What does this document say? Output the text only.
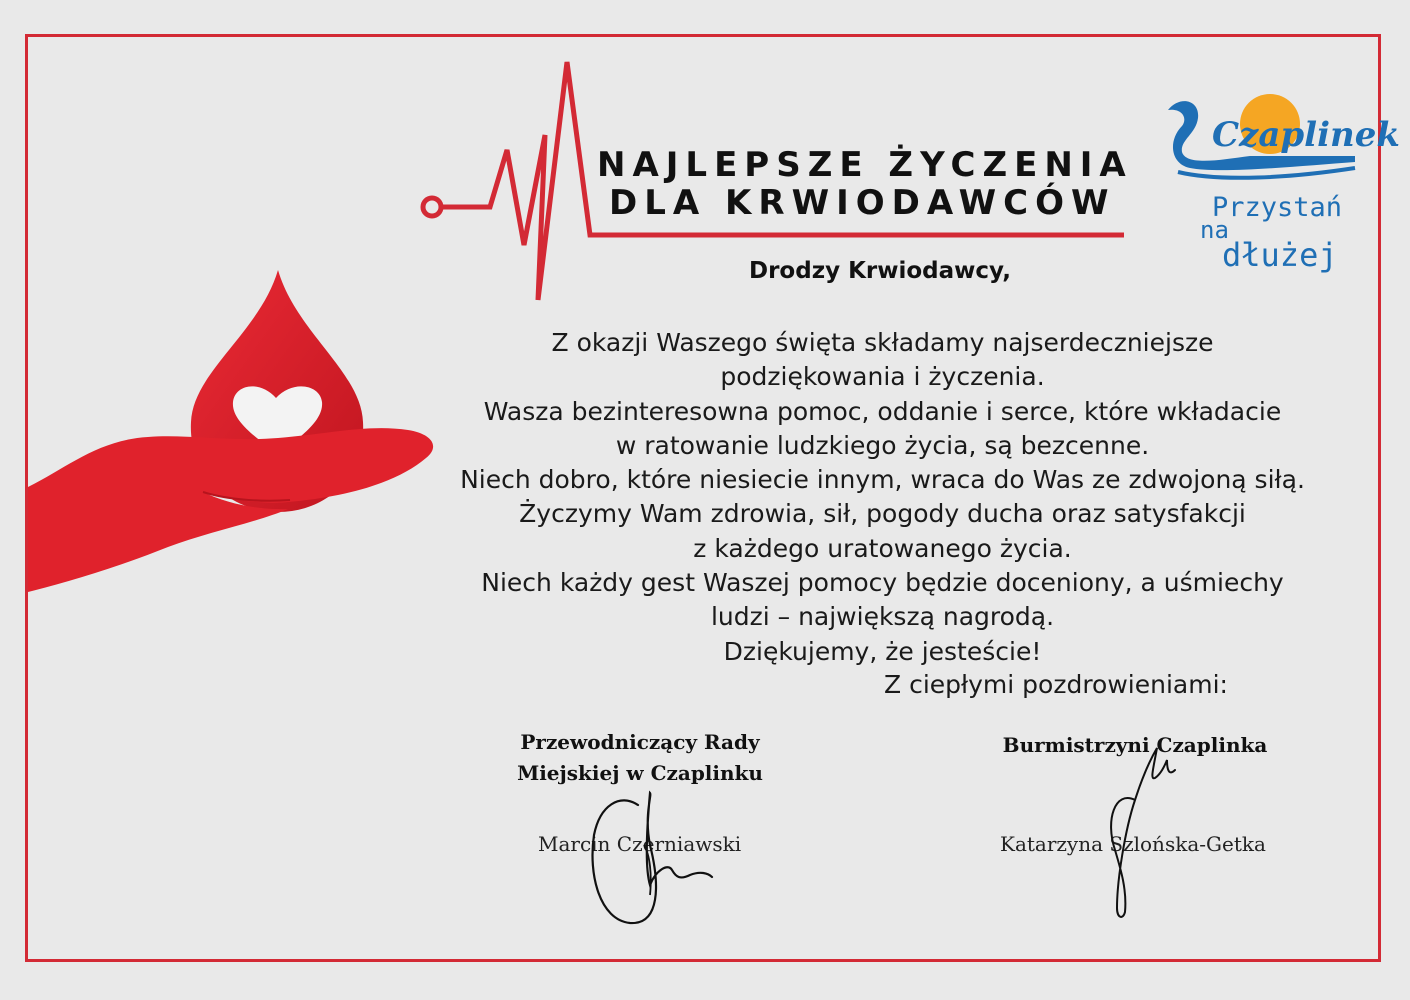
NAJLEPSZE ŻYCZENIA
DLA KRWIODAWCÓW
Czaplinek
Przystań
na
dłużej
Drodzy Krwiodawcy,
Z okazji Waszego święta składamy najserdeczniejsze
podziękowania i życzenia.
Wasza bezinteresowna pomoc, oddanie i serce, które wkładacie
w ratowanie ludzkiego życia, są bezcenne.
Niech dobro, które niesiecie innym, wraca do Was ze zdwojoną siłą.
Życzymy Wam zdrowia, sił, pogody ducha oraz satysfakcji
z każdego uratowanego życia.
Niech każdy gest Waszej pomocy będzie doceniony, a uśmiechy
ludzi – największą nagrodą.
Dziękujemy, że jesteście!
Z ciepłymi pozdrowieniami:
Przewodniczący Rady
Miejskiej w Czaplinku
Marcin Czerniawski
Burmistrzyni Czaplinka
Katarzyna Szlońska-Getka
